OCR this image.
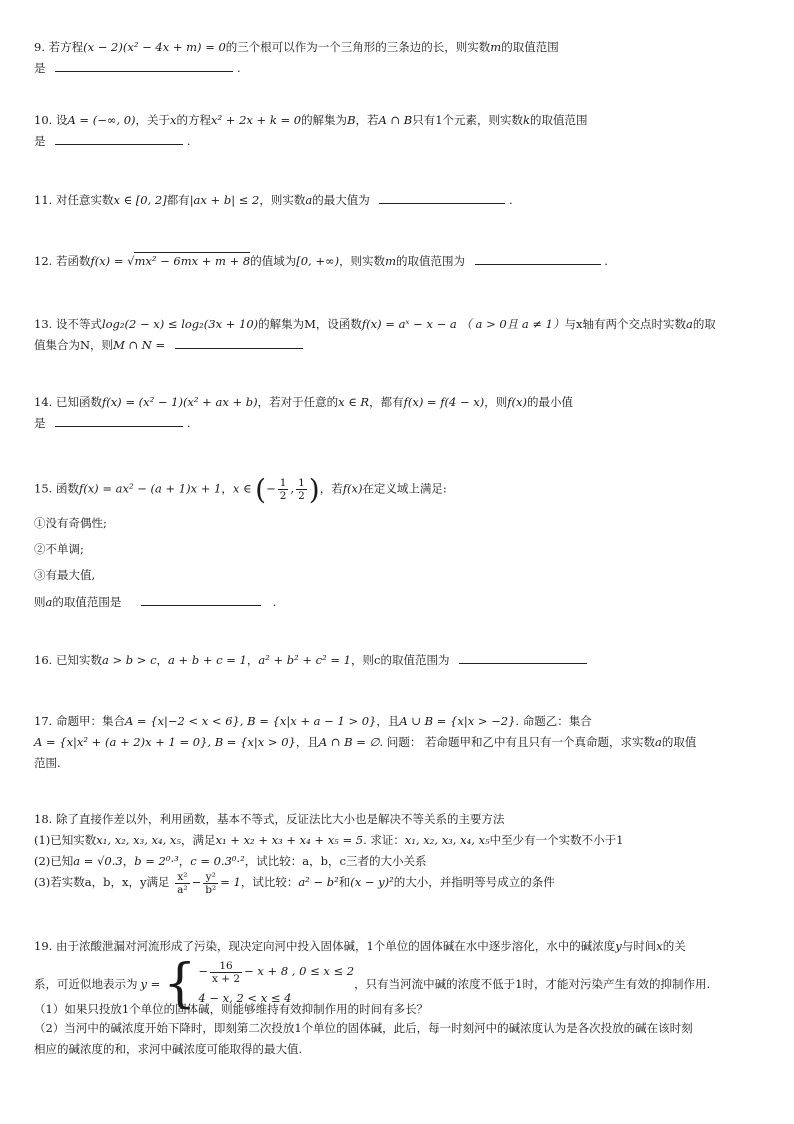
9. 若方程(x − 2)(x² − 4x + m) = 0的三个根可以作为一个三角形的三条边的长，则实数m的取值范围
是	.
10. 设A = (−∞, 0)，关于x的方程x² + 2x + k = 0的解集为B，若A ∩ B只有1个元素，则实数k的取值范围
是	.
11. 对任意实数x ∈ [0, 2]都有|ax + b| ≤ 2，则实数a的最大值为	.
12. 若函数f(x) = √mx² − 6mx + m + 8的值域为[0, +∞)，则实数m的取值范围为	.
13. 设不等式log₂(2 − x) ≤ log₂(3x + 10)的解集为M，设函数f(x) = aˣ − x − a （ a > 0且 a ≠ 1）与x轴有两个交点时实数a的取
值集合为N，则M ∩ N =
14. 已知函数f(x) = (x² − 1)(x² + ax + b)，若对于任意的x ∈ R，都有f(x) = f(4 − x)，则f(x)的最小值
是	.
15. 函数f(x) = ax² − (a + 1)x + 1，x ∈ (− $\frac{1}{2}$ , $\frac{1}{2}$ )，若f(x)在定义域上满足:
①没有奇偶性;
②不单调;
③有最大值,
则a的取值范围是	.
16. 已知实数a > b > c，a + b + c = 1，a² + b² + c² = 1，则c的取值范围为
17. 命题甲：集合A = {x|−2 < x < 6}, B = {x|x + a − 1 > 0}，且A ∪ B = {x|x > −2}. 命题乙：集合
A = {x|x² + (a + 2)x + 1 = 0}, B = {x|x > 0}，且A ∩ B = ∅. 问题： 若命题甲和乙中有且只有一个真命题，求实数a的取值
范围.
18. 除了直接作差以外，利用函数，基本不等式，反证法比大小也是解决不等关系的主要方法
(1)已知实数x₁, x₂, x₃, x₄, x₅，满足x₁ + x₂ + x₃ + x₄ + x₅ = 5. 求证：x₁, x₂, x₃, x₄, x₅中至少有一个实数不小于1
(2)已知a = √0.3，b = 2⁰·³，c = 0.3⁰·²，试比较：a，b，c三者的大小关系
(3)若实数a，b，x，y满足 $\frac{\text{x²}}{\text{a²}} - \frac{\text{y²}}{\text{b²}} = 1$，试比较：a² − b²和(x − y)²的大小，并指明等号成立的条件
19. 由于浓酸泄漏对河流形成了污染，现决定向河中投入固体碱，1个单位的固体碱在水中逐步溶化，水中的碱浓度y与时间x的关
系，可近似地表示为 y = { − $\frac{16}{x + 2} - x + 8$ , 0 ≤ x ≤ 2
4 − x, 2 < x ≤ 4
，只有当河流中碱的浓度不低于1时，才能对污染产生有效的抑制作用.
（1）如果只投放1个单位的固体碱，则能够维持有效抑制作用的时间有多长？
（2）当河中的碱浓度开始下降时，即刻第二次投放1个单位的固体碱，此后，每一时刻河中的碱浓度认为是各次投放的碱在该时刻
相应的碱浓度的和，求河中碱浓度可能取得的最大值.
